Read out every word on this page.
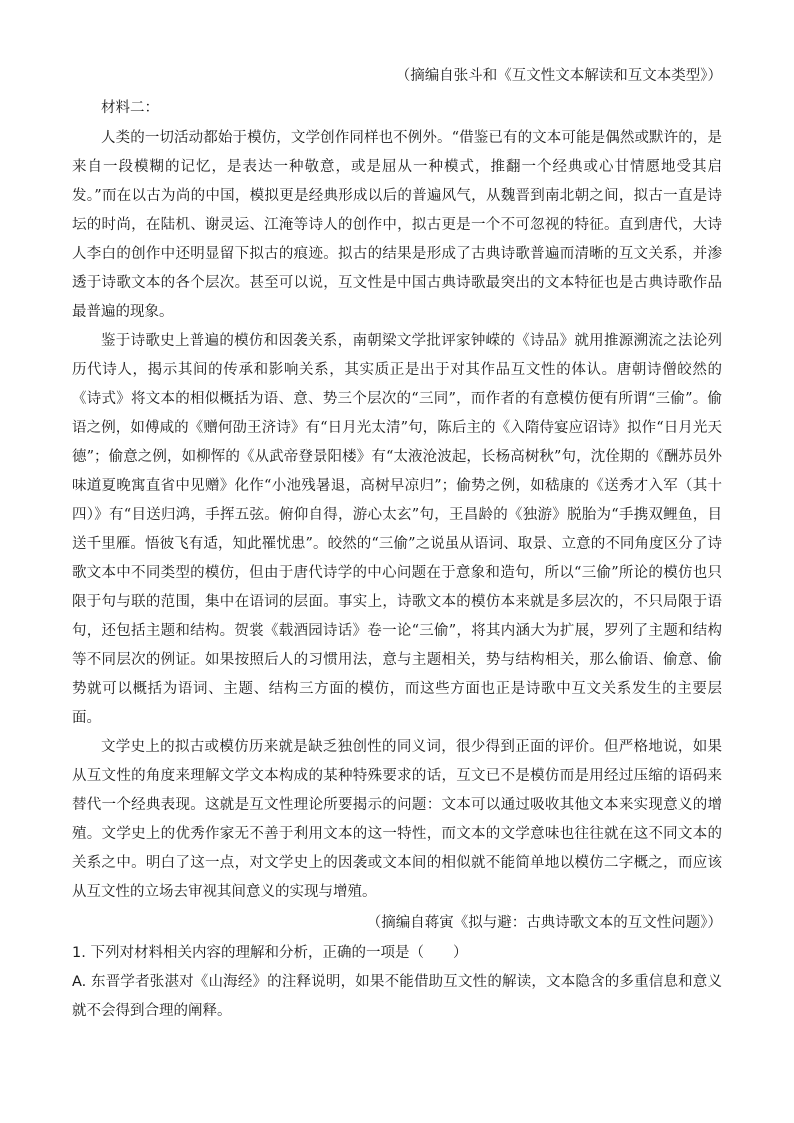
（摘编自张斗和《互文性文本解读和互文本类型》）

材料二：

人类的一切活动都始于模仿，文学创作同样也不例外。“借鉴已有的文本可能是偶然或默许的，是来自一段模糊的记忆，是表达一种敬意，或是屈从一种模式，推翻一个经典或心甘情愿地受其启发。”而在以古为尚的中国，模拟更是经典形成以后的普遍风气，从魏晋到南北朝之间，拟古一直是诗坛的时尚，在陆机、谢灵运、江淹等诗人的创作中，拟古更是一个不可忽视的特征。直到唐代，大诗人李白的创作中还明显留下拟古的痕迹。拟古的结果是形成了古典诗歌普遍而清晰的互文关系，并渗透于诗歌文本的各个层次。甚至可以说，互文性是中国古典诗歌最突出的文本特征也是古典诗歌作品最普遍的现象。

鉴于诗歌史上普遍的模仿和因袭关系，南朝梁文学批评家钟嵘的《诗品》就用推源溯流之法论列历代诗人，揭示其间的传承和影响关系，其实质正是出于对其作品互文性的体认。唐朝诗僧皎然的《诗式》将文本的相似概括为语、意、势三个层次的“三同”，而作者的有意模仿便有所谓“三偷”。偷语之例，如傅咸的《赠何劭王济诗》有“日月光太清”句，陈后主的《入隋侍宴应诏诗》拟作“日月光天德”；偷意之例，如柳恽的《从武帝登景阳楼》有“太液沧波起，长杨高树秋”句，沈佺期的《酬苏员外味道夏晚寓直省中见赠》化作“小池残暑退，高树早凉归”；偷势之例，如嵇康的《送秀才入军（其十四）》有“目送归鸿，手挥五弦。俯仰自得，游心太玄”句，王昌龄的《独游》脱胎为“手携双鲤鱼，目送千里雁。悟彼飞有适，知此罹忧患”。皎然的“三偷”之说虽从语词、取景、立意的不同角度区分了诗歌文本中不同类型的模仿，但由于唐代诗学的中心问题在于意象和造句，所以“三偷”所论的模仿也只限于句与联的范围，集中在语词的层面。事实上，诗歌文本的模仿本来就是多层次的，不只局限于语句，还包括主题和结构。贺裳《载酒园诗话》卷一论“三偷”，将其内涵大为扩展，罗列了主题和结构等不同层次的例证。如果按照后人的习惯用法，意与主题相关，势与结构相关，那么偷语、偷意、偷势就可以概括为语词、主题、结构三方面的模仿，而这些方面也正是诗歌中互文关系发生的主要层面。

文学史上的拟古或模仿历来就是缺乏独创性的同义词，很少得到正面的评价。但严格地说，如果从互文性的角度来理解文学文本构成的某种特殊要求的话，互文已不是模仿而是用经过压缩的语码来替代一个经典表现。这就是互文性理论所要揭示的问题：文本可以通过吸收其他文本来实现意义的增殖。文学史上的优秀作家无不善于利用文本的这一特性，而文本的文学意味也往往就在这不同文本的关系之中。明白了这一点，对文学史上的因袭或文本间的相似就不能简单地以模仿二字概之，而应该从互文性的立场去审视其间意义的实现与增殖。

（摘编自蒋寅《拟与避：古典诗歌文本的互文性问题》）

1. 下列对材料相关内容的理解和分析，正确的一项是（　　）

A. 东晋学者张湛对《山海经》的注释说明，如果不能借助互文性的解读，文本隐含的多重信息和意义就不会得到合理的阐释。
